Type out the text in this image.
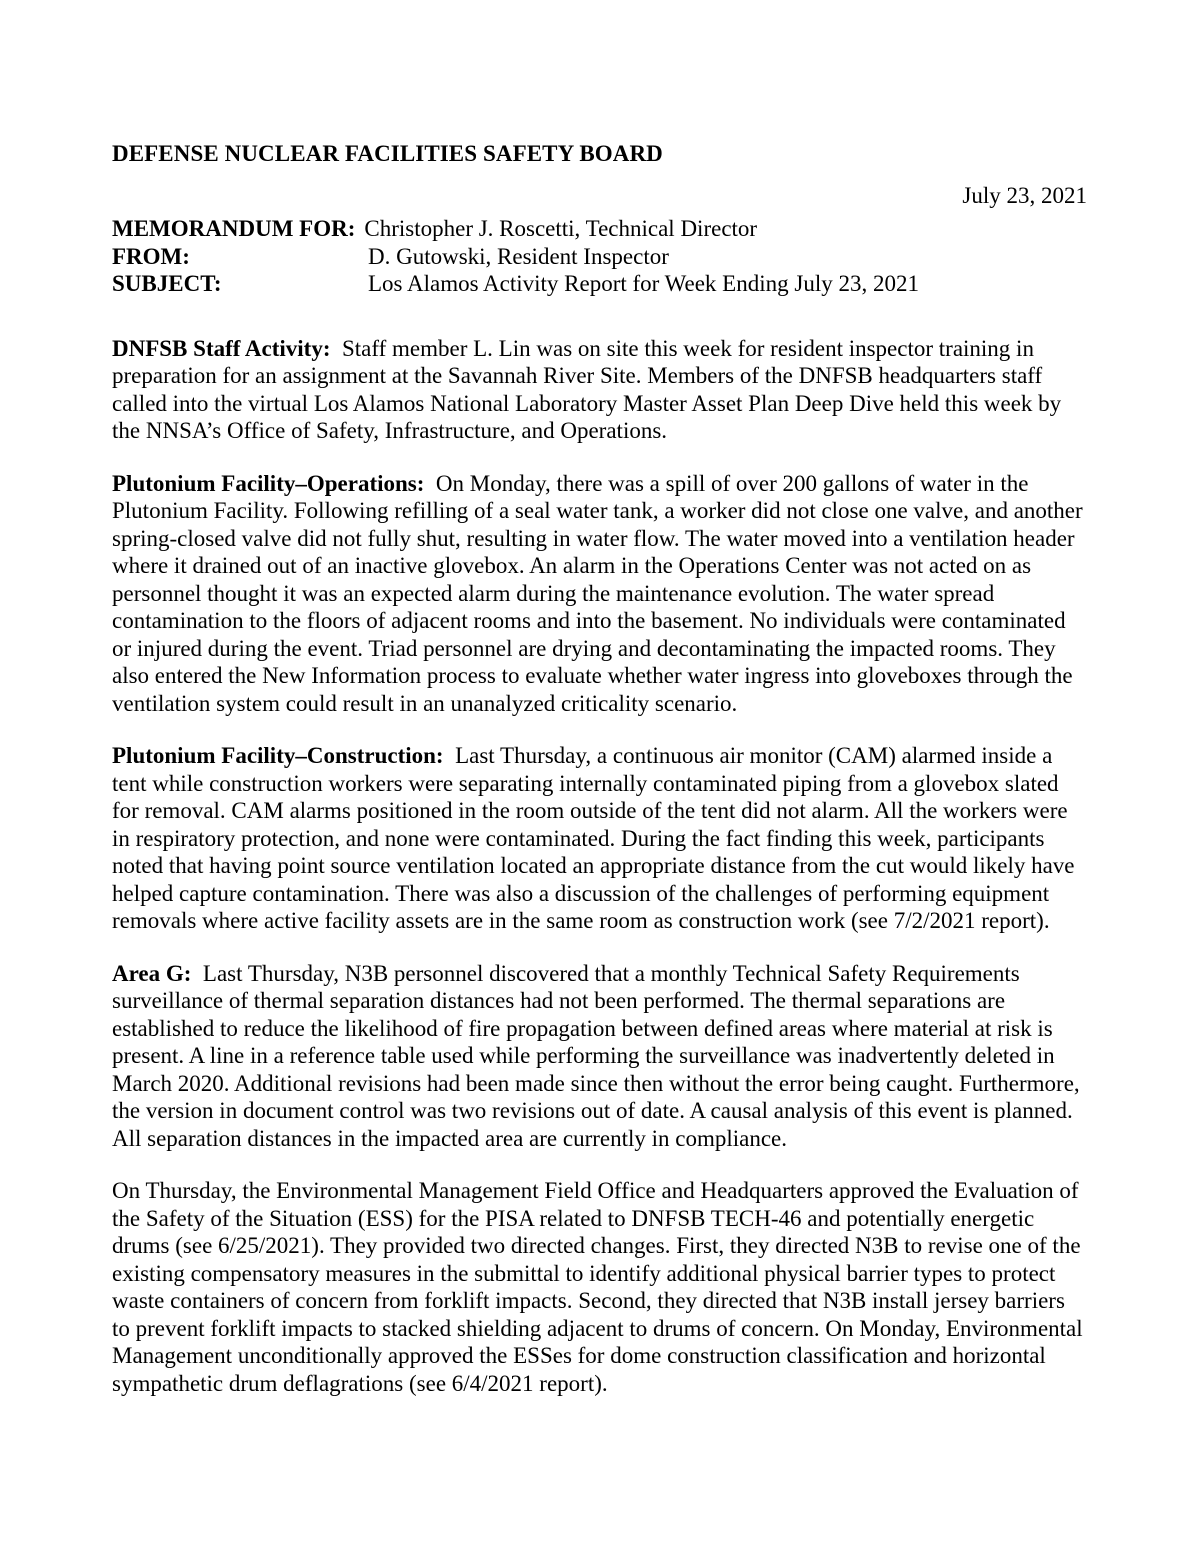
DEFENSE NUCLEAR FACILITIES SAFETY BOARD
July 23, 2021
MEMORANDUM FOR: Christopher J. Roscetti, Technical Director
FROM:	D. Gutowski, Resident Inspector
SUBJECT:	Los Alamos Activity Report for Week Ending July 23, 2021

DNFSB Staff Activity: Staff member L. Lin was on site this week for resident inspector training in preparation for an assignment at the Savannah River Site. Members of the DNFSB headquarters staff called into the virtual Los Alamos National Laboratory Master Asset Plan Deep Dive held this week by the NNSA’s Office of Safety, Infrastructure, and Operations.

Plutonium Facility–Operations: On Monday, there was a spill of over 200 gallons of water in the Plutonium Facility. Following refilling of a seal water tank, a worker did not close one valve, and another spring-closed valve did not fully shut, resulting in water flow. The water moved into a ventilation header where it drained out of an inactive glovebox. An alarm in the Operations Center was not acted on as personnel thought it was an expected alarm during the maintenance evolution. The water spread contamination to the floors of adjacent rooms and into the basement. No individuals were contaminated or injured during the event. Triad personnel are drying and decontaminating the impacted rooms. They also entered the New Information process to evaluate whether water ingress into gloveboxes through the ventilation system could result in an unanalyzed criticality scenario.

Plutonium Facility–Construction: Last Thursday, a continuous air monitor (CAM) alarmed inside a tent while construction workers were separating internally contaminated piping from a glovebox slated for removal. CAM alarms positioned in the room outside of the tent did not alarm. All the workers were in respiratory protection, and none were contaminated. During the fact finding this week, participants noted that having point source ventilation located an appropriate distance from the cut would likely have helped capture contamination. There was also a discussion of the challenges of performing equipment removals where active facility assets are in the same room as construction work (see 7/2/2021 report).

Area G: Last Thursday, N3B personnel discovered that a monthly Technical Safety Requirements surveillance of thermal separation distances had not been performed. The thermal separations are established to reduce the likelihood of fire propagation between defined areas where material at risk is present. A line in a reference table used while performing the surveillance was inadvertently deleted in March 2020. Additional revisions had been made since then without the error being caught. Furthermore, the version in document control was two revisions out of date. A causal analysis of this event is planned. All separation distances in the impacted area are currently in compliance.

On Thursday, the Environmental Management Field Office and Headquarters approved the Evaluation of the Safety of the Situation (ESS) for the PISA related to DNFSB TECH-46 and potentially energetic drums (see 6/25/2021). They provided two directed changes. First, they directed N3B to revise one of the existing compensatory measures in the submittal to identify additional physical barrier types to protect waste containers of concern from forklift impacts. Second, they directed that N3B install jersey barriers to prevent forklift impacts to stacked shielding adjacent to drums of concern. On Monday, Environmental Management unconditionally approved the ESSes for dome construction classification and horizontal sympathetic drum deflagrations (see 6/4/2021 report).
